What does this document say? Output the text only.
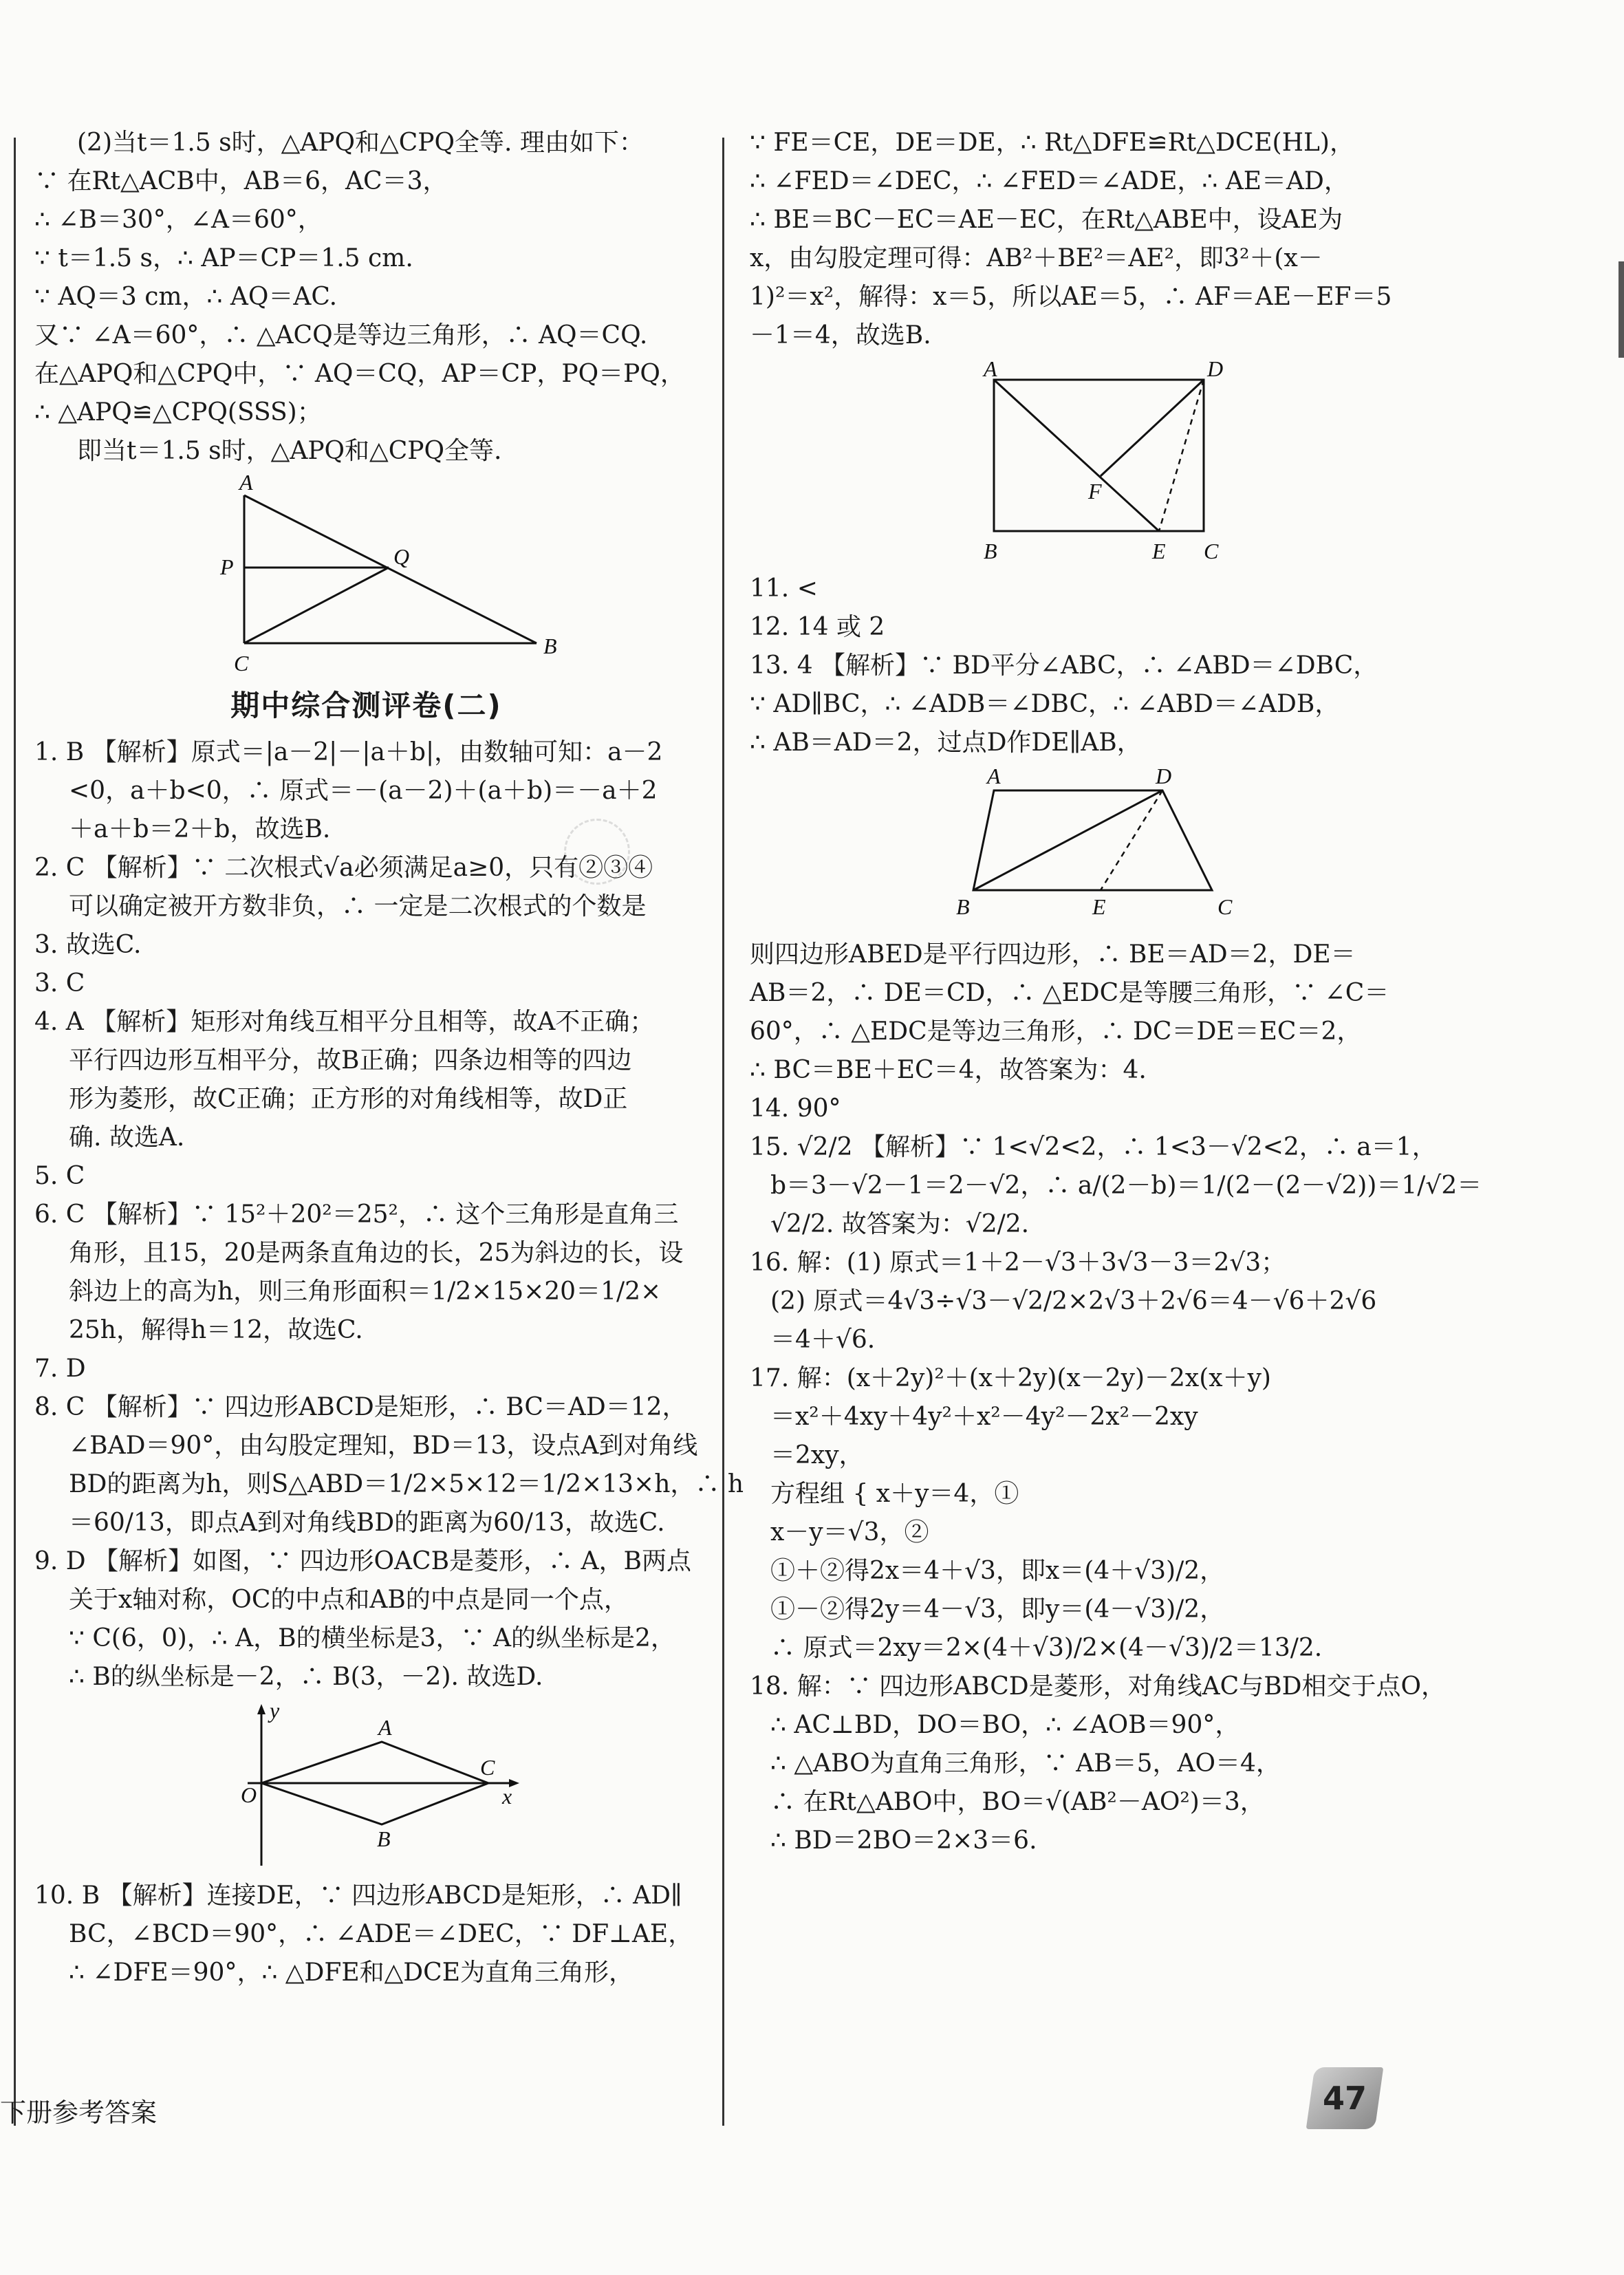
(2)当t＝1.5 s时，△APQ和△CPQ全等. 理由如下：
∵ 在Rt△ACB中，AB＝6，AC＝3，
∴ ∠B＝30°，∠A＝60°，
∵ t＝1.5 s，∴ AP＝CP＝1.5 cm.
∵ AQ＝3 cm，∴ AQ＝AC.
又∵ ∠A＝60°，∴ △ACQ是等边三角形，∴ AQ＝CQ.
在△APQ和△CPQ中，∵ AQ＝CQ，AP＝CP，PQ＝PQ，
∴ △APQ≌△CPQ(SSS)；
即当t＝1.5 s时，△APQ和△CPQ全等.
A
P	Q
C
B
期中综合测评卷(二)
1. B 【解析】原式＝|a－2|－|a＋b|，由数轴可知：a－2
<0，a＋b<0，∴ 原式＝－(a－2)＋(a＋b)＝－a＋2
＋a＋b＝2＋b，故选B.
2. C 【解析】∵ 二次根式√a必须满足a≥0，只有②③④
可以确定被开方数非负，∴ 一定是二次根式的个数是
3. 故选C.
3. C
4. A 【解析】矩形对角线互相平分且相等，故A不正确；
平行四边形互相平分，故B正确；四条边相等的四边
形为菱形，故C正确；正方形的对角线相等，故D正
确. 故选A.
5. C
6. C 【解析】∵ 15²＋20²＝25²，∴ 这个三角形是直角三
角形，且15，20是两条直角边的长，25为斜边的长，设
斜边上的高为h，则三角形面积＝1/2×15×20＝1/2×
25h，解得h＝12，故选C.
7. D
8. C 【解析】∵ 四边形ABCD是矩形，∴ BC＝AD＝12，
∠BAD＝90°，由勾股定理知，BD＝13，设点A到对角线
BD的距离为h，则S△ABD＝1/2×5×12＝1/2×13×h，∴ h
＝60/13，即点A到对角线BD的距离为60/13，故选C.
9. D 【解析】如图，∵ 四边形OACB是菱形，∴ A，B两点
关于x轴对称，OC的中点和AB的中点是同一个点，
∵ C(6，0)，∴ A，B的横坐标是3，∵ A的纵坐标是2，
∴ B的纵坐标是－2，∴ B(3，－2). 故选D.
y
A
O
C
x
B
10. B 【解析】连接DE，∵ 四边形ABCD是矩形，∴ AD∥
BC，∠BCD＝90°，∴ ∠ADE＝∠DEC，∵ DF⊥AE，
∴ ∠DFE＝90°，∴ △DFE和△DCE为直角三角形，
∵ FE＝CE，DE＝DE，∴ Rt△DFE≌Rt△DCE(HL)，
∴ ∠FED＝∠DEC，∴ ∠FED＝∠ADE，∴ AE＝AD，
∴ BE＝BC－EC＝AE－EC，在Rt△ABE中，设AE为
x，由勾股定理可得：AB²＋BE²＝AE²，即3²＋(x－
1)²＝x²，解得：x＝5，所以AE＝5，∴ AF＝AE－EF＝5
－1＝4，故选B.
A	D
F
B	E C
11. <
12. 14 或 2
13. 4 【解析】∵ BD平分∠ABC，∴ ∠ABD＝∠DBC，
∵ AD∥BC，∴ ∠ADB＝∠DBC，∴ ∠ABD＝∠ADB，
∴ AB＝AD＝2，过点D作DE∥AB，
A	D
B	E	C
则四边形ABED是平行四边形，∴ BE＝AD＝2，DE＝
AB＝2，∴ DE＝CD，∴ △EDC是等腰三角形，∵ ∠C＝
60°，∴ △EDC是等边三角形，∴ DC＝DE＝EC＝2，
∴ BC＝BE＋EC＝4，故答案为：4.
14. 90°
15. √2/2 【解析】∵ 1<√2<2，∴ 1<3－√2<2，∴ a＝1，
b＝3－√2－1＝2－√2，∴ a/(2－b)＝1/(2－(2－√2))＝1/√2＝
√2/2. 故答案为：√2/2.
16. 解：(1) 原式＝1＋2－√3＋3√3－3＝2√3；
(2) 原式＝4√3÷√3－√2/2×2√3＋2√6＝4－√6＋2√6
＝4＋√6.
17. 解：(x＋2y)²＋(x＋2y)(x－2y)－2x(x＋y)
＝x²＋4xy＋4y²＋x²－4y²－2x²－2xy
＝2xy，
方程组 { x＋y＝4，①
x－y＝√3，②
①＋②得2x＝4＋√3，即x＝(4＋√3)/2，
①－②得2y＝4－√3，即y＝(4－√3)/2，
∴ 原式＝2xy＝2×(4＋√3)/2×(4－√3)/2＝13/2.
18. 解：∵ 四边形ABCD是菱形，对角线AC与BD相交于点O，
∴ AC⊥BD，DO＝BO，∴ ∠AOB＝90°，
∴ △ABO为直角三角形，∵ AB＝5，AO＝4，
∴ 在Rt△ABO中，BO＝√(AB²－AO²)＝3，
∴ BD＝2BO＝2×3＝6.
下册参考答案	47
